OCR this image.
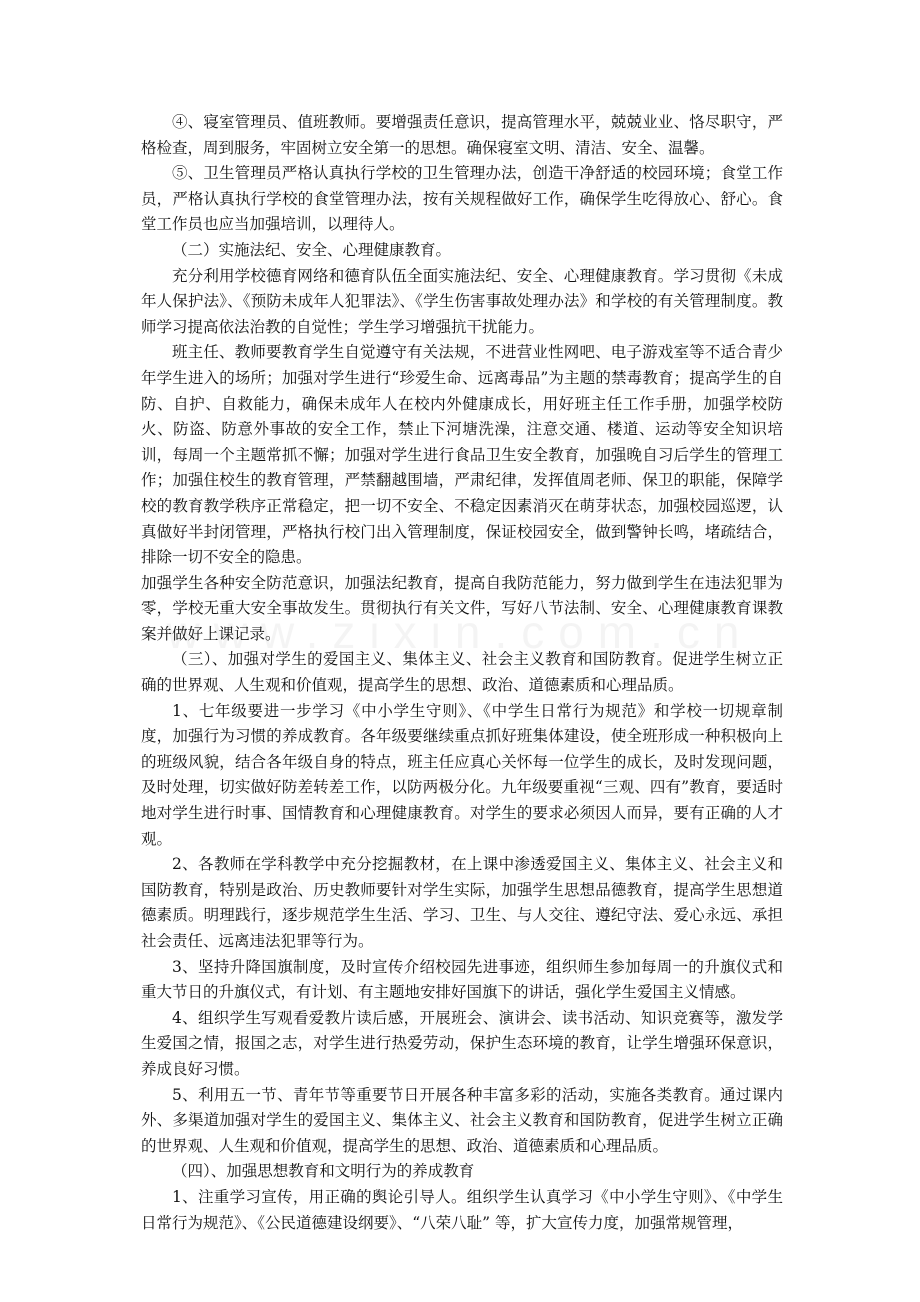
④、寝室管理员、值班教师。要增强责任意识，提高管理水平，兢兢业业、恪尽职守，严格检查，周到服务，牢固树立安全第一的思想。确保寝室文明、清洁、安全、温馨。

⑤、卫生管理员严格认真执行学校的卫生管理办法，创造干净舒适的校园环境；食堂工作员，严格认真执行学校的食堂管理办法，按有关规程做好工作，确保学生吃得放心、舒心。食堂工作员也应当加强培训，以理待人。

（二）实施法纪、安全、心理健康教育。

充分利用学校德育网络和德育队伍全面实施法纪、安全、心理健康教育。学习贯彻《未成年人保护法》、《预防未成年人犯罪法》、《学生伤害事故处理办法》和学校的有关管理制度。教师学习提高依法治教的自觉性；学生学习增强抗干扰能力。

班主任、教师要教育学生自觉遵守有关法规，不进营业性网吧、电子游戏室等不适合青少年学生进入的场所；加强对学生进行“珍爱生命、远离毒品”为主题的禁毒教育；提高学生的自防、自护、自救能力，确保未成年人在校内外健康成长，用好班主任工作手册，加强学校防火、防盗、防意外事故的安全工作，禁止下河塘洗澡，注意交通、楼道、运动等安全知识培训，每周一个主题常抓不懈；加强对学生进行食品卫生安全教育，加强晚自习后学生的管理工作；加强住校生的教育管理，严禁翻越围墙，严肃纪律，发挥值周老师、保卫的职能，保障学校的教育教学秩序正常稳定，把一切不安全、不稳定因素消灭在萌芽状态，加强校园巡逻，认真做好半封闭管理，严格执行校门出入管理制度，保证校园安全，做到警钟长鸣，堵疏结合，排除一切不安全的隐患。

加强学生各种安全防范意识，加强法纪教育，提高自我防范能力，努力做到学生在违法犯罪为零，学校无重大安全事故发生。贯彻执行有关文件，写好八节法制、安全、心理健康教育课教案并做好上课记录。

（三）、加强对学生的爱国主义、集体主义、社会主义教育和国防教育。促进学生树立正确的世界观、人生观和价值观，提高学生的思想、政治、道德素质和心理品质。

1、七年级要进一步学习《中小学生守则》、《中学生日常行为规范》和学校一切规章制度，加强行为习惯的养成教育。各年级要继续重点抓好班集体建设，使全班形成一种积极向上的班级风貌，结合各年级自身的特点，班主任应真心关怀每一位学生的成长，及时发现问题，及时处理，切实做好防差转差工作，以防两极分化。九年级要重视“三观、四有”教育，要适时地对学生进行时事、国情教育和心理健康教育。对学生的要求必须因人而异，要有正确的人才观。

2、各教师在学科教学中充分挖掘教材，在上课中渗透爱国主义、集体主义、社会主义和国防教育，特别是政治、历史教师要针对学生实际，加强学生思想品德教育，提高学生思想道德素质。明理践行，逐步规范学生生活、学习、卫生、与人交往、遵纪守法、爱心永远、承担社会责任、远离违法犯罪等行为。

3、坚持升降国旗制度，及时宣传介绍校园先进事迹，组织师生参加每周一的升旗仪式和重大节日的升旗仪式，有计划、有主题地安排好国旗下的讲话，强化学生爱国主义情感。

4、组织学生写观看爱教片读后感，开展班会、演讲会、读书活动、知识竞赛等，激发学生爱国之情，报国之志，对学生进行热爱劳动，保护生态环境的教育，让学生增强环保意识，养成良好习惯。

5、利用五一节、青年节等重要节日开展各种丰富多彩的活动，实施各类教育。通过课内外、多渠道加强对学生的爱国主义、集体主义、社会主义教育和国防教育，促进学生树立正确的世界观、人生观和价值观，提高学生的思想、政治、道德素质和心理品质。

（四）、加强思想教育和文明行为的养成教育

1、注重学习宣传，用正确的舆论引导人。组织学生认真学习《中小学生守则》、《中学生日常行为规范》、《公民道德建设纲要》、“八荣八耻” 等，扩大宣传力度，加强常规管理，
